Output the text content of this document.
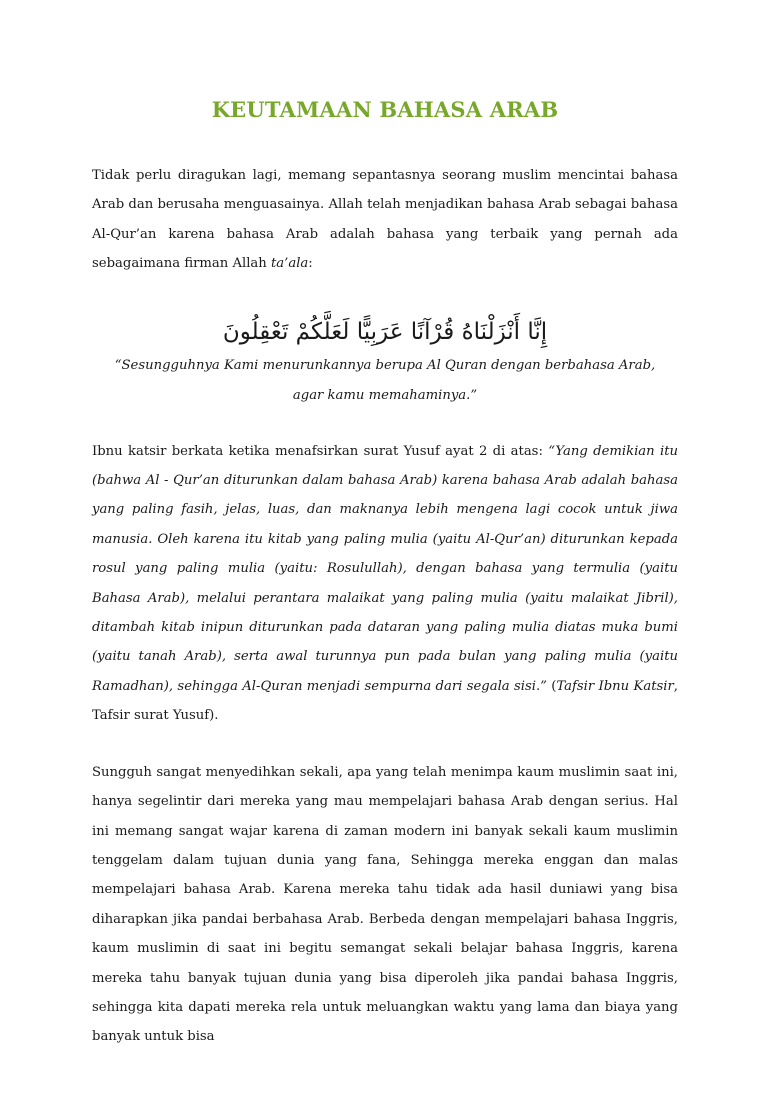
KEUTAMAAN BAHASA ARAB

Tidak perlu diragukan lagi, memang sepantasnya seorang muslim mencintai bahasa Arab dan berusaha menguasainya. Allah telah menjadikan bahasa Arab sebagai bahasa Al-Qur’an karena bahasa Arab adalah bahasa yang terbaik yang pernah ada sebagaimana firman Allah ta’ala:

إِنَّا أَنْزَلْنَاهُ قُرْآنًا عَرَبِيًّا لَعَلَّكُمْ تَعْقِلُونَ

“Sesungguhnya Kami menurunkannya berupa Al Quran dengan berbahasa Arab, agar kamu memahaminya.”

Ibnu katsir berkata ketika menafsirkan surat Yusuf ayat 2 di atas: “Yang demikian itu (bahwa Al - Qur’an diturunkan dalam bahasa Arab) karena bahasa Arab adalah bahasa yang paling fasih, jelas, luas, dan maknanya lebih mengena lagi cocok untuk jiwa manusia. Oleh karena itu kitab yang paling mulia (yaitu Al-Qur’an) diturunkan kepada rosul yang paling mulia (yaitu: Rosulullah), dengan bahasa yang termulia (yaitu Bahasa Arab), melalui perantara malaikat yang paling mulia (yaitu malaikat Jibril), ditambah kitab inipun diturunkan pada dataran yang paling mulia diatas muka bumi (yaitu tanah Arab), serta awal turunnya pun pada bulan yang paling mulia (yaitu Ramadhan), sehingga Al-Quran menjadi sempurna dari segala sisi.” (Tafsir Ibnu Katsir, Tafsir surat Yusuf).

Sungguh sangat menyedihkan sekali, apa yang telah menimpa kaum muslimin saat ini, hanya segelintir dari mereka yang mau mempelajari bahasa Arab dengan serius. Hal ini memang sangat wajar karena di zaman modern ini banyak sekali kaum muslimin tenggelam dalam tujuan dunia yang fana, Sehingga mereka enggan dan malas mempelajari bahasa Arab. Karena mereka tahu tidak ada hasil duniawi yang bisa diharapkan jika pandai berbahasa Arab. Berbeda dengan mempelajari bahasa Inggris, kaum muslimin di saat ini begitu semangat sekali belajar bahasa Inggris, karena mereka tahu banyak tujuan dunia yang bisa diperoleh jika pandai bahasa Inggris, sehingga kita dapati mereka rela untuk meluangkan waktu yang lama dan biaya yang banyak untuk bisa
